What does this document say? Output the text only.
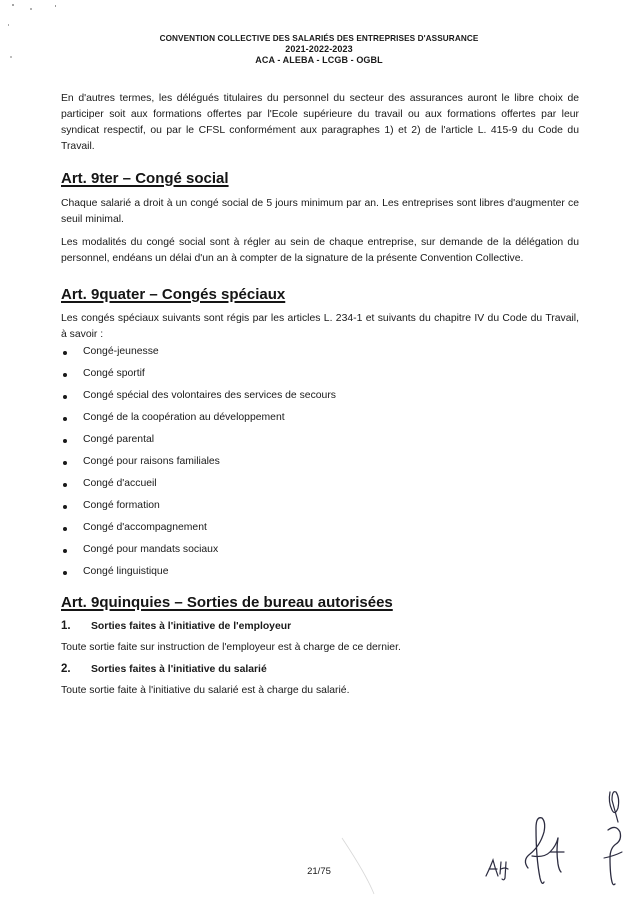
CONVENTION COLLECTIVE DES SALARIÉS DES ENTREPRISES D'ASSURANCE
2021-2022-2023
ACA - ALEBA - LCGB - OGBL

En d'autres termes, les délégués titulaires du personnel du secteur des assurances auront le libre choix de participer soit aux formations offertes par l'Ecole supérieure du travail ou aux formations offertes par leur syndicat respectif, ou par le CFSL conformément aux paragraphes 1) et 2) de l'article L. 415-9 du Code du Travail.

Art. 9ter – Congé social

Chaque salarié a droit à un congé social de 5 jours minimum par an. Les entreprises sont libres d'augmenter ce seuil minimal.

Les modalités du congé social sont à régler au sein de chaque entreprise, sur demande de la délégation du personnel, endéans un délai d'un an à compter de la signature de la présente Convention Collective.

Art. 9quater – Congés spéciaux

Les congés spéciaux suivants sont régis par les articles L. 234-1 et suivants du chapitre IV du Code du Travail, à savoir :

Congé-jeunesse
Congé sportif
Congé spécial des volontaires des services de secours
Congé de la coopération au développement
Congé parental
Congé pour raisons familiales
Congé d'accueil
Congé formation
Congé d'accompagnement
Congé pour mandats sociaux
Congé linguistique
Art. 9quinquies – Sorties de bureau autorisées

1. Sorties faites à l'initiative de l'employeur

Toute sortie faite sur instruction de l'employeur est à charge de ce dernier.

2. Sorties faites à l'initiative du salarié

Toute sortie faite à l'initiative du salarié est à charge du salarié.

21/75
